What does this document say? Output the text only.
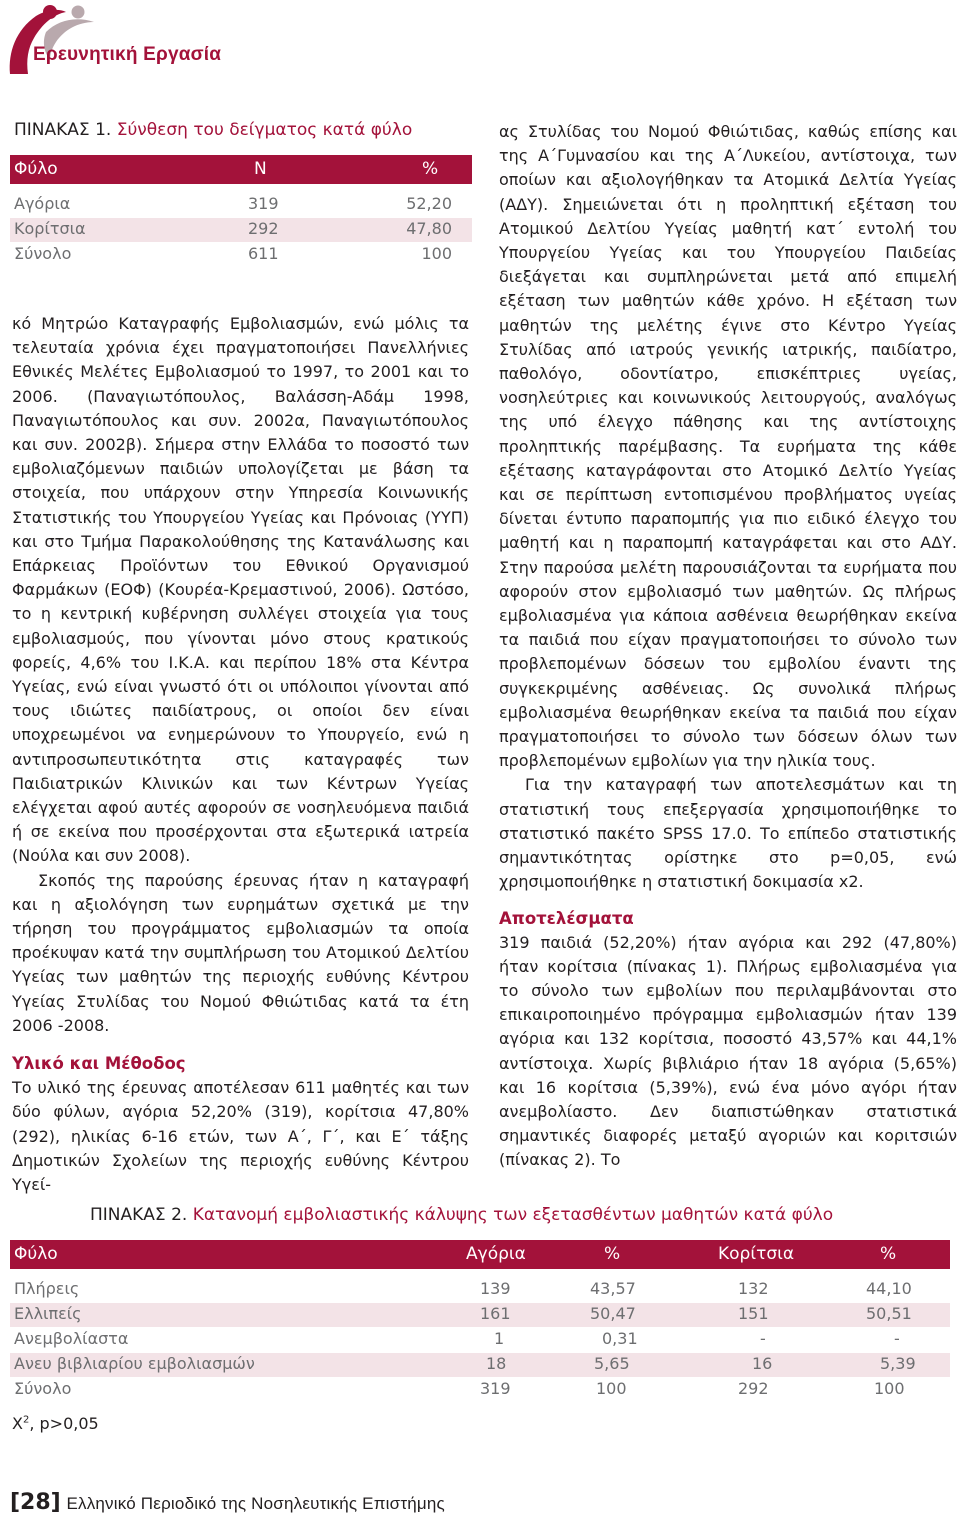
Ερευνητική Εργασία
ΠΙΝΑΚΑΣ 1. Σύνθεση του δείγματος κατά φύλο
Φύλο	N	%
Αγόρια	319	52,20
Κορίτσια	292	47,80
Σύνολο	611	100

κό Μητρώο Καταγραφής Εμβολιασμών, ενώ μόλις τα τελευταία χρόνια έχει πραγματοποιήσει Πανελλήνιες Εθνικές Μελέτες Εμβολιασμού το 1997, το 2001 και το 2006. (Παναγιωτόπουλος, Βαλάσση-Αδάμ 1998, Παναγιωτόπουλος και συν. 2002α, Παναγιωτόπουλος και συν. 2002β). Σήμερα στην Ελλάδα το ποσοστό των εμβολιαζόμενων παιδιών υπολογίζεται με βάση τα στοιχεία, που υπάρχουν στην Υπηρεσία Κοινωνικής Στατιστικής του Υπουργείου Υγείας και Πρόνοιας (ΥΥΠ) και στο Τμήμα Παρακολούθησης της Κατανάλωσης και Επάρκειας Προϊόντων του Εθνικού Οργανισμού Φαρμάκων (ΕΟΦ) (Κουρέα-Κρεμαστινού, 2006). Ωστόσο, το η κεντρική κυβέρνηση συλλέγει στοιχεία για τους εμβολιασμούς, που γίνονται μόνο στους κρατικούς φορείς, 4,6% του Ι.Κ.Α. και περίπου 18% στα Κέντρα Υγείας, ενώ είναι γνωστό ότι οι υπόλοιποι γίνονται από τους ιδιώτες παιδίατρους, οι οποίοι δεν είναι υποχρεωμένοι να ενημερώνουν το Υπουργείο, ενώ η αντιπροσωπευτικότητα στις καταγραφές των Παιδιατρικών Κλινικών και των Κέντρων Υγείας ελέγχεται αφού αυτές αφορούν σε νοσηλευόμενα παιδιά ή σε εκείνα που προσέρχονται στα εξωτερικά ιατρεία (Νούλα και συν 2008).

Σκοπός της παρούσης έρευνας ήταν η καταγραφή και η αξιολόγηση των ευρημάτων σχετικά με την τήρηση του προγράμματος εμβολιασμών τα οποία προέκυψαν κατά την συμπλήρωση του Ατομικού Δελτίου Υγείας των μαθητών της περιοχής ευθύνης Κέντρου Υγείας Στυλίδας του Νομού Φθιώτιδας κατά τα έτη 2006 -2008.

Υλικό και Μέθοδος

Το υλικό της έρευνας αποτέλεσαν 611 μαθητές και των δύο φύλων, αγόρια 52,20% (319), κορίτσια 47,80% (292), ηλικίας 6-16 ετών, των Α΄, Γ΄, και Ε΄ τάξης Δημοτικών Σχολείων της περιοχής ευθύνης Κέντρου Υγεί-

ας Στυλίδας του Νομού Φθιώτιδας, καθώς επίσης και της Α΄Γυμνασίου και της Α΄Λυκείου, αντίστοιχα, των οποίων και αξιολογήθηκαν τα Ατομικά Δελτία Υγείας (ΑΔΥ). Σημειώνεται ότι η προληπτική εξέταση του Ατομικού Δελτίου Υγείας μαθητή κατ΄ εντολή του Υπουργείου Υγείας και του Υπουργείου Παιδείας διεξάγεται και συμπληρώνεται μετά από επιμελή εξέταση των μαθητών κάθε χρόνο. Η εξέταση των μαθητών της μελέτης έγινε στο Κέντρο Υγείας Στυλίδας από ιατρούς γενικής ιατρικής, παιδίατρο, παθολόγο, οδοντίατρο, επισκέπτριες υγείας, νοσηλεύτριες και κοινωνικούς λειτουργούς, αναλόγως της υπό έλεγχο πάθησης και της αντίστοιχης προληπτικής παρέμβασης. Τα ευρήματα της κάθε εξέτασης καταγράφονται στο Ατομικό Δελτίο Υγείας και σε περίπτωση εντοπισμένου προβλήματος υγείας δίνεται έντυπο παραπομπής για πιο ειδικό έλεγχο του μαθητή και η παραπομπή καταγράφεται και στο ΑΔΥ. Στην παρούσα μελέτη παρουσιάζονται τα ευρήματα που αφορούν στον εμβολιασμό των μαθητών. Ως πλήρως εμβολιασμένα για κάποια ασθένεια θεωρήθηκαν εκείνα τα παιδιά που είχαν πραγματοποιήσει το σύνολο των προβλεπομένων δόσεων του εμβολίου έναντι της συγκεκριμένης ασθένειας. Ως συνολικά πλήρως εμβολιασμένα θεωρήθηκαν εκείνα τα παιδιά που είχαν πραγματοποιήσει το σύνολο των δόσεων όλων των προβλεπομένων εμβολίων για την ηλικία τους.

Για την καταγραφή των αποτελεσμάτων και τη στατιστική τους επεξεργασία χρησιμοποιήθηκε το στατιστικό πακέτο SPSS 17.0. Το επίπεδο στατιστικής σημαντικότητας ορίστηκε στο p=0,05, ενώ χρησιμοποιήθηκε η στατιστική δοκιμασία x2.

Αποτελέσματα

319 παιδιά (52,20%) ήταν αγόρια και 292 (47,80%) ήταν κορίτσια (πίνακας 1). Πλήρως εμβολιασμένα για το σύνολο των εμβολίων που περιλαμβάνονται στο επικαιροποιημένο πρόγραμμα εμβολιασμών ήταν 139 αγόρια και 132 κορίτσια, ποσοστό 43,57% και 44,1% αντίστοιχα. Χωρίς βιβλιάριο ήταν 18 αγόρια (5,65%) και 16 κορίτσια (5,39%), ενώ ένα μόνο αγόρι ήταν ανεμβολίαστο. Δεν διαπιστώθηκαν στατιστικά σημαντικές διαφορές μεταξύ αγοριών και κοριτσιών (πίνακας 2). Το

ΠΙΝΑΚΑΣ 2. Κατανομή εμβολιαστικής κάλυψης των εξετασθέντων μαθητών κατά φύλο
Φύλο	Αγόρια	%	Κορίτσια	%
Πλήρεις	139	43,57	132	44,10
Ελλιπείς	161	50,47	151	50,51
Ανεμβολίαστα	1	0,31	-	-
Ανευ βιβλιαρίου εμβολιασμών	18	5,65	16	5,39
Σύνολο	319	100	292	100
$X^2$, p>0,05
[28] Ελληνικό Περιοδικό της Νοσηλευτικής Επιστήμης
